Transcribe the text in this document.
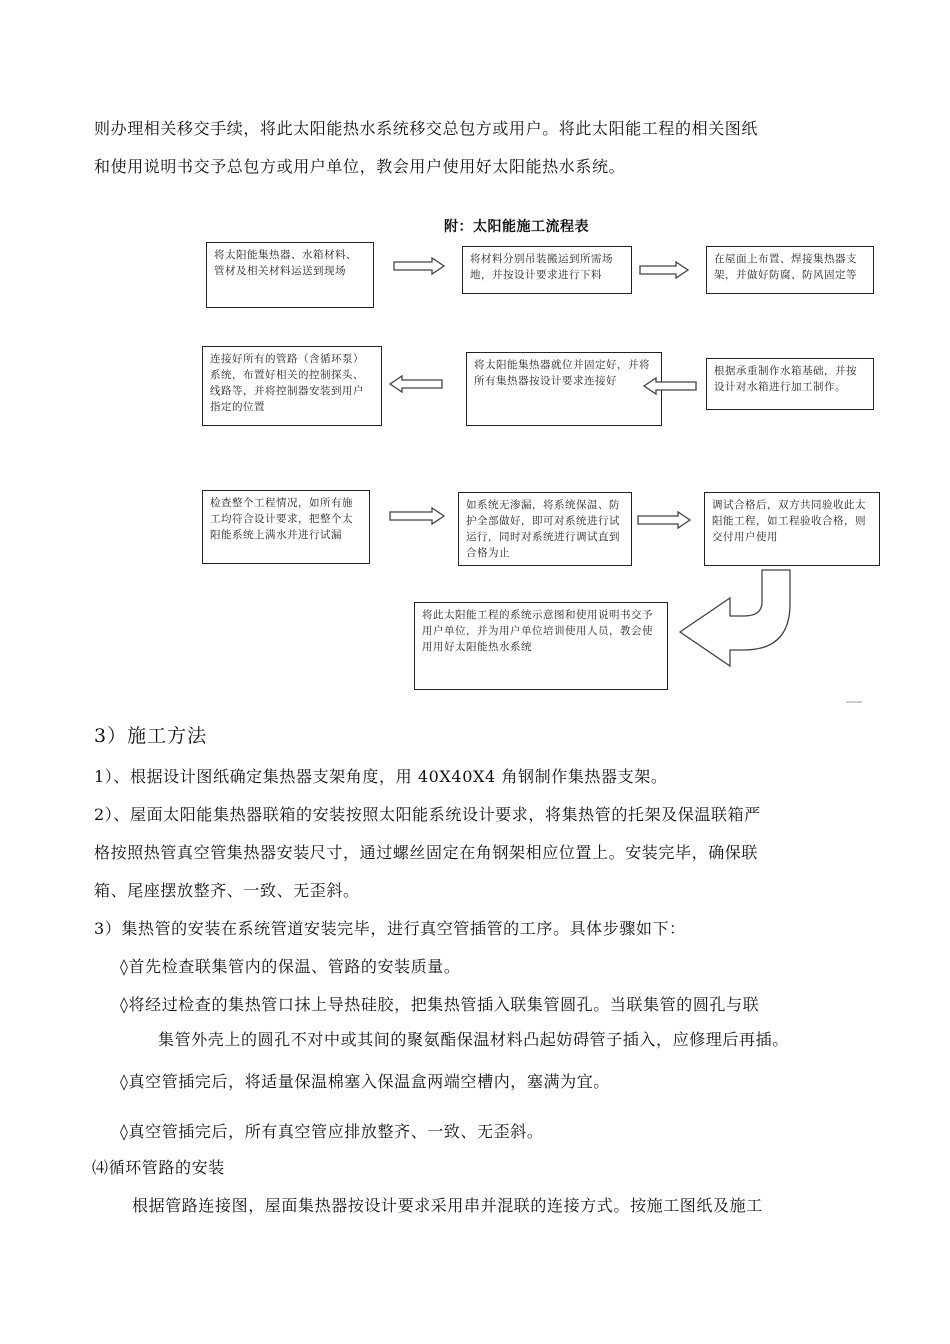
则办理相关移交手续，将此太阳能热水系统移交总包方或用户。将此太阳能工程的相关图纸
和使用说明书交予总包方或用户单位，教会用户使用好太阳能热水系统。
附：太阳能施工流程表
将太阳能集热器、水箱材料、管材及相关材料运送到现场
将材料分别吊装搬运到所需场地，并按设计要求进行下料
在屋面上布置、焊接集热器支架，并做好防腐、防风固定等
根据承重制作水箱基础，并按设计对水箱进行加工制作。
将太阳能集热器就位并固定好，并将所有集热器按设计要求连接好
连接好所有的管路（含循环泵）系统，布置好相关的控制探头、线路等，并将控制器安装到用户指定的位置
检查整个工程情况，如所有施工均符合设计要求，把整个太阳能系统上满水并进行试漏
如系统无渗漏，将系统保温、防护全部做好，即可对系统进行试运行，同时对系统进行调试直到合格为止
调试合格后，双方共同验收此太阳能工程，如工程验收合格，则交付用户使用
将此太阳能工程的系统示意图和使用说明书交予用户单位，并为用户单位培训使用人员，教会使用用好太阳能热水系统
3）施工方法
1）、根据设计图纸确定集热器支架角度，用 40X40X4 角钢制作集热器支架。
2）、屋面太阳能集热器联箱的安装按照太阳能系统设计要求，将集热管的托架及保温联箱严
格按照热管真空管集热器安装尺寸，通过螺丝固定在角钢架相应位置上。安装完毕，确保联
箱、尾座摆放整齐、一致、无歪斜。
3）集热管的安装在系统管道安装完毕，进行真空管插管的工序。具体步骤如下：
◊首先检查联集管内的保温、管路的安装质量。
◊将经过检查的集热管口抹上导热硅胶，把集热管插入联集管圆孔。当联集管的圆孔与联
集管外壳上的圆孔不对中或其间的聚氨酯保温材料凸起妨碍管子插入，应修理后再插。
◊真空管插完后，将适量保温棉塞入保温盒两端空槽内，塞满为宜。
◊真空管插完后，所有真空管应排放整齐、一致、无歪斜。
⑷循环管路的安装
根据管路连接图，屋面集热器按设计要求采用串并混联的连接方式。按施工图纸及施工
